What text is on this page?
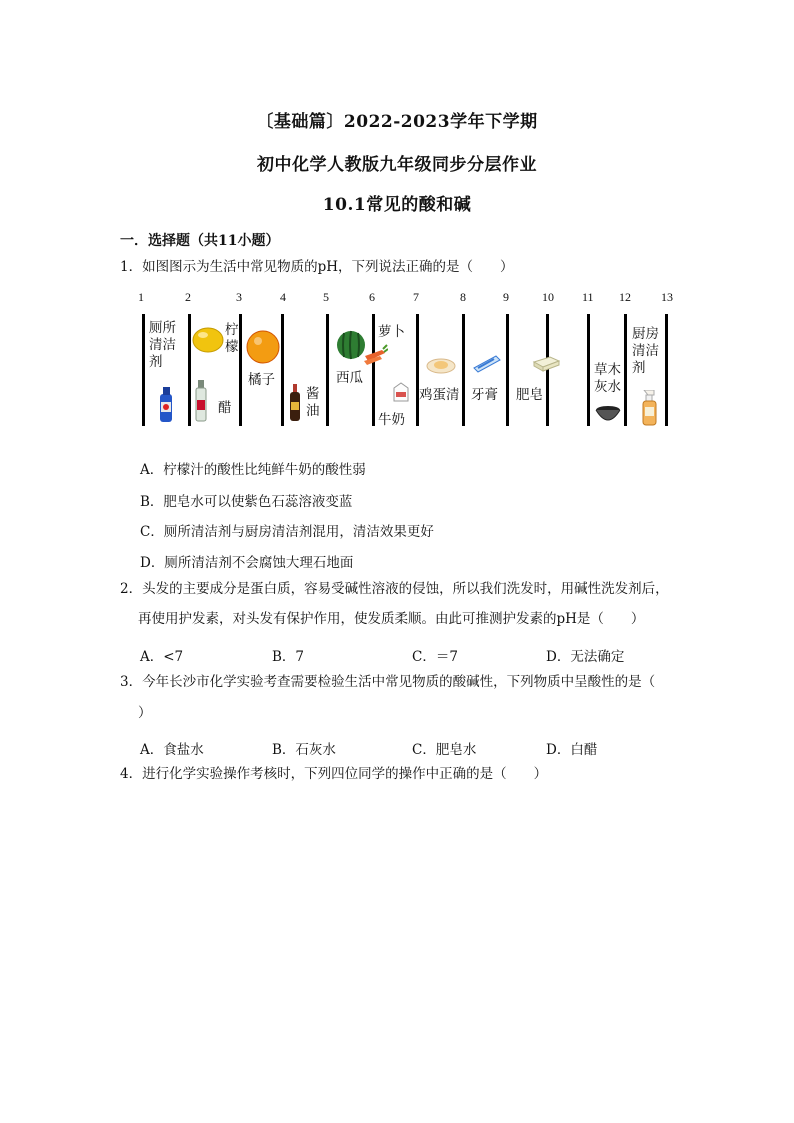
〔基础篇〕2022-2023学年下学期
初中化学人教版九年级同步分层作业
10.1常见的酸和碱
一．选择题（共11小题）
1．如图图示为生活中常见物质的pH，下列说法正确的是（　　）
1	2	3	4	5	6	7	8	9	10 11 12	13
厕所清洁剂
柠檬
醋
橘子
酱油
西瓜
萝卜
牛奶
鸡蛋清 牙膏 肥皂
草木灰水
厨房清洁剂
A．柠檬汁的酸性比纯鲜牛奶的酸性弱
B．肥皂水可以使紫色石蕊溶液变蓝
C．厕所清洁剂与厨房清洁剂混用，清洁效果更好
D．厕所清洁剂不会腐蚀大理石地面
2．头发的主要成分是蛋白质，容易受碱性溶液的侵蚀，所以我们洗发时，用碱性洗发剂后，
再使用护发素，对头发有保护作用，使发质柔顺。由此可推测护发素的pH是（　　）
A．<7	B．7	C．＝7	D．无法确定
3．今年长沙市化学实验考查需要检验生活中常见物质的酸碱性，下列物质中呈酸性的是（
）
A．食盐水	B．石灰水	C．肥皂水	D．白醋
4．进行化学实验操作考核时，下列四位同学的操作中正确的是（　　）
